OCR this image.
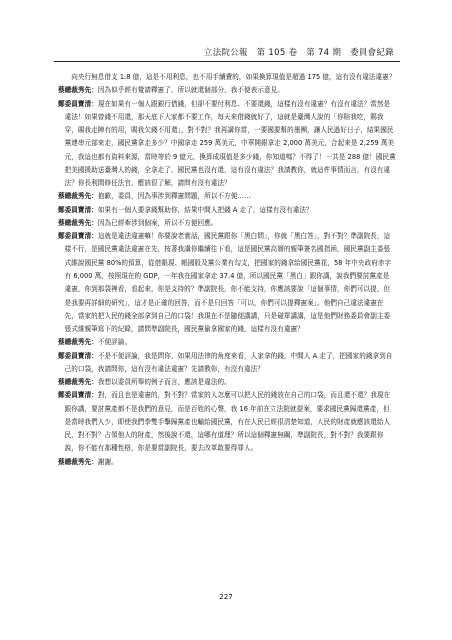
立法院公報　第 105 卷　第 74 期　委員會紀錄

向央行無息借支 1.8 億，這是不用利息，也不用手續費的，如果換算現值是超過 175 億，這有沒有違法違憲？

蔡總裁秀先：因為似乎經有覺請釋憲了，所以就還個部分，我不便表示意見。

鄭委員寶清：現在如果有一個人跟銀行借錢，但卻不要付利息、不要還錢，這樣有沒有違憲？有沒有違法？當然是違法！如果曾錢不用還，那天底下大家都不要工作，每天來借錢就好了，這就是臺灣人說的「你賠我吃，賜我穿，賜我走陣有的用，賜我欠錢不用還」，對不對？我再講你當，一要國要幫的墨團，讓人民過好日子，結果國民黨連串元部來走，國民黨拿走多少？中國拿走 259 萬美元，中華開銀拿走 2,000 萬美元，合起來是 2,259 萬美元，我這也都有資料來源，當時等於 9 億元，換算成現值是多少錢，你知道嗎？不得了！一共是 288 億！國民黨把美國援助送臺灣人的錢，全拿走了，國民黨也沒有還，這有沒有違法？我請教你，就這件事情而言，有沒有違法？你長利間修任法官，應該很了解，請問有沒有違法？

蔡總裁秀先：抱歉，委員，因為事涉到釋憲問題，所以不方便……

鄭委員寶清：如果有一個人要拿錢幫助你，結果中間人把錢 A 走了，這樣有沒有違法？

蔡總裁秀先：因為已經牽涉到個案，所以不方便回應。

鄭委員寶清：這就是違法違憲嘛！你要說老實話，國民黨跟你「黑白問」，你就「黑白答」，對不對？準副院長，這樣不行，是國民黨違法違憲在先，按著我講你繼續往下看，這是國民黨高層的親筆簽名國指函，國民黨副主委張式維說國民黨 80%的預算，從借賬現、帳國股及黨公業有勾支，把國家的錢拿給國民黨花，58 年中央政府赤字有 6,000 萬，按照現在的 GDP，一年我在國家拿走 37.4 億，所以國民黨「黑白」跟你講，說我們要討黨產是違憲，你到那袋裡看，看起來，你是支持的？準副院長，你不能支持，你應該要說「這個事情，你們可以提，但是我要再詳細的研究」，這才是正確的回答，而不是只回答「可以，你們可以提釋憲案」。他們自己違法違憲在先，當家的把人民的錢全部拿到自己的口袋！我現在不是隨便講講，只是碰單講講，這是他們財務委員會副主委張式維親筆寫下的紀錄，請問準副院長，國民黨偷拿國家的錢，這樣有沒有違憲？

蔡總裁秀先：不便評論。

鄭委員寶清：不是不便評論，我是問你，如果用法律的角度來看，人家拿的錢，中間人 A 走了，把國家的錢拿到自己的口袋，我請問你，這有沒有違法違憲？先請教你，有沒有違法？

蔡總裁秀先：我想以委員所舉的例子而言，應該是違法的。

鄭委員寶清：對，而且也是違憲的，對不對？當家的人怎麼可以把人民的錢放在自己的口袋，而且還不還？我現在跟你講，要討黨產都不是我們的意見，而是百姓的心聲，我 16 年前在立法院就提案，要求國民黨歸還黨產，但是當時我們人少，即使我們拳雙手擊歸黨產也輸給國民黨，有在人民已經很清楚知道，人民的財產就應該還給人民，對不對？占領他人的財產，然後說不還，這哪有道理？所以這個釋憲無關，準副院長，對不對？我要跟你說，你不能有那種性格，你是要當副院長，要去改革敢要得罪人。

蔡總裁秀先：謝謝。

227
